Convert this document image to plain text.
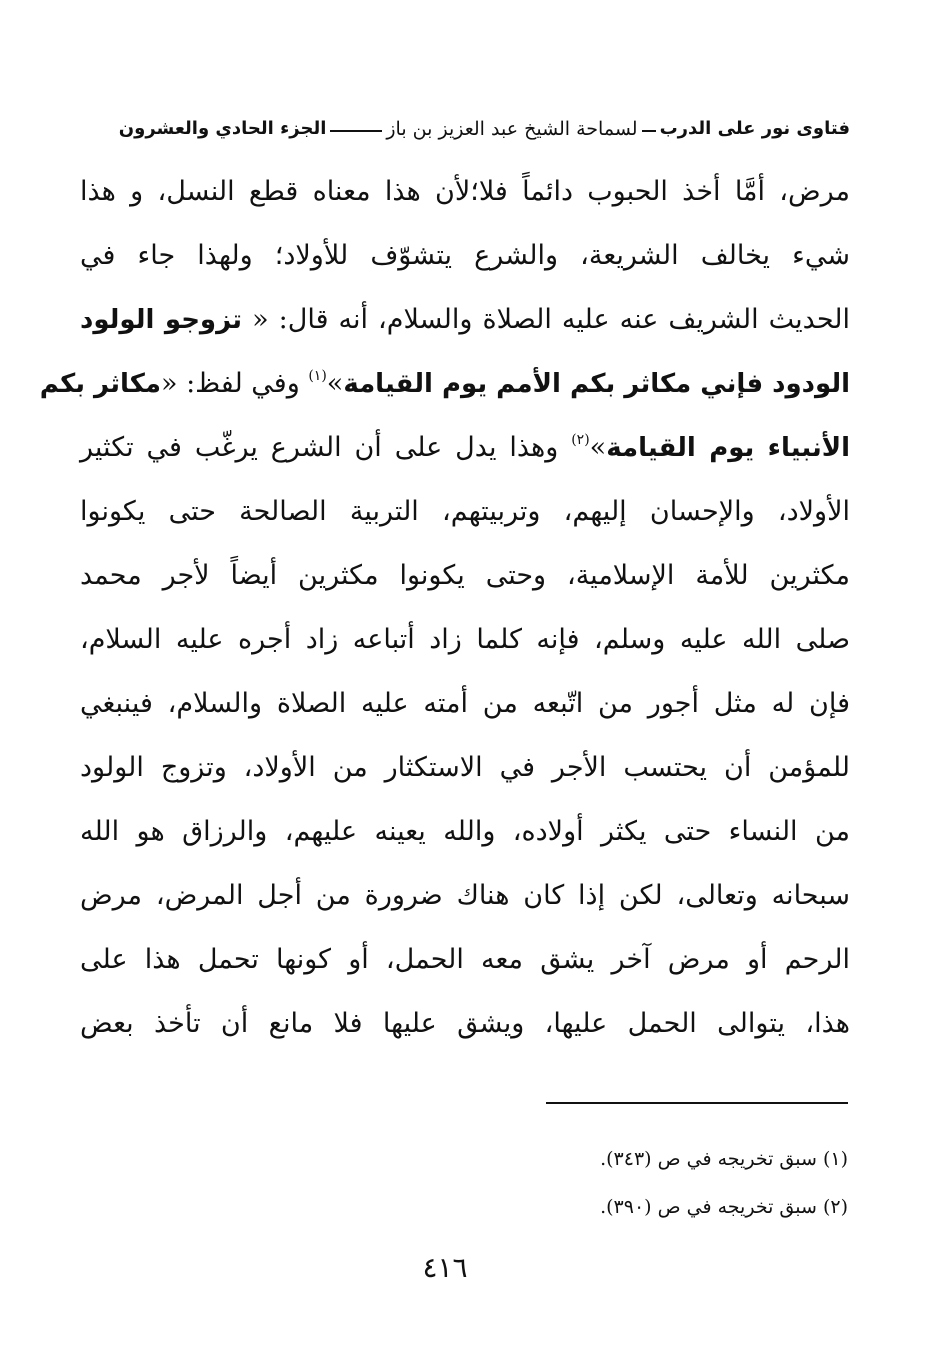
فتاوى نور على الدرب
لسماحة الشيخ عبد العزيز بن باز
الجزء الحادي والعشرون
مرض، أمَّا أخذ الحبوب دائماً فلا؛لأن هذا معناه قطع النسل، و هذا
شيء يخالف الشريعة، والشرع يتشوّف للأولاد؛ ولهذا جاء في
الحديث الشريف عنه عليه الصلاة والسلام، أنه قال: « تزوجو الولود
الودود فإني مكاثر بكم الأمم يوم القيامة»$^{(١)}$ وفي لفظ: «مكاثر بكم
الأنبياء يوم القيامة»$^{(٢)}$ وهذا يدل على أن الشرع يرغّب في تكثير
الأولاد، والإحسان إليهم، وتربيتهم، التربية الصالحة حتى يكونوا
مكثرين للأمة الإسلامية، وحتى يكونوا مكثرين أيضاً لأجر محمد
صلى الله عليه وسلم، فإنه كلما زاد أتباعه زاد أجره عليه السلام،
فإن له مثل أجور من اتّبعه من أمته عليه الصلاة والسلام، فينبغي
للمؤمن أن يحتسب الأجر في الاستكثار من الأولاد، وتزوج الولود
من النساء حتى يكثر أولاده، والله يعينه عليهم، والرزاق هو الله
سبحانه وتعالى، لكن إذا كان هناك ضرورة من أجل المرض، مرض
الرحم أو مرض آخر يشق معه الحمل، أو كونها تحمل هذا على
هذا، يتوالى الحمل عليها، ويشق عليها فلا مانع أن تأخذ بعض
(١) سبق تخريجه في ص (٣٤٣).
(٢) سبق تخريجه في ص (٣٩٠).
٤١٦
